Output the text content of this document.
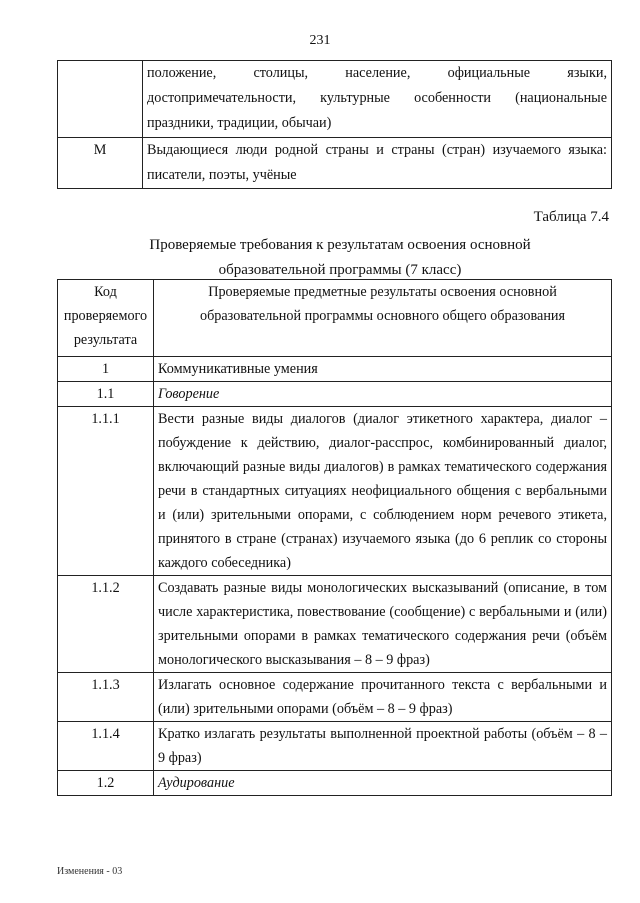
231
	положение, столицы, население, официальные языки, достопримечательности, культурные особенности (национальные праздники, традиции, обычаи)
М	Выдающиеся люди родной страны и страны (стран) изучаемого языка: писатели, поэты, учёные
Таблица 7.4
Проверяемые требования к результатам освоения основной
образовательной программы (7 класс)
Код проверяемого результата	Проверяемые предметные результаты освоения основной образовательной программы основного общего образования
1	Коммуникативные умения
1.1	Говорение
1.1.1	Вести разные виды диалогов (диалог этикетного характера, диалог – побуждение к действию, диалог-расспрос, комбинированный диалог, включающий разные виды диалогов) в рамках тематического содержания речи в стандартных ситуациях неофициального общения с вербальными и (или) зрительными опорами, с соблюдением норм речевого этикета, принятого в стране (странах) изучаемого языка (до 6 реплик со стороны каждого собеседника)
1.1.2	Создавать разные виды монологических высказываний (описание, в том числе характеристика, повествование (сообщение) с вербальными и (или) зрительными опорами в рамках тематического содержания речи (объём монологического высказывания – 8 – 9 фраз)
1.1.3	Излагать основное содержание прочитанного текста с вербальными и (или) зрительными опорами (объём – 8 – 9 фраз)
1.1.4	Кратко излагать результаты выполненной проектной работы (объём – 8 – 9 фраз)
1.2	Аудирование
Изменения - 03
